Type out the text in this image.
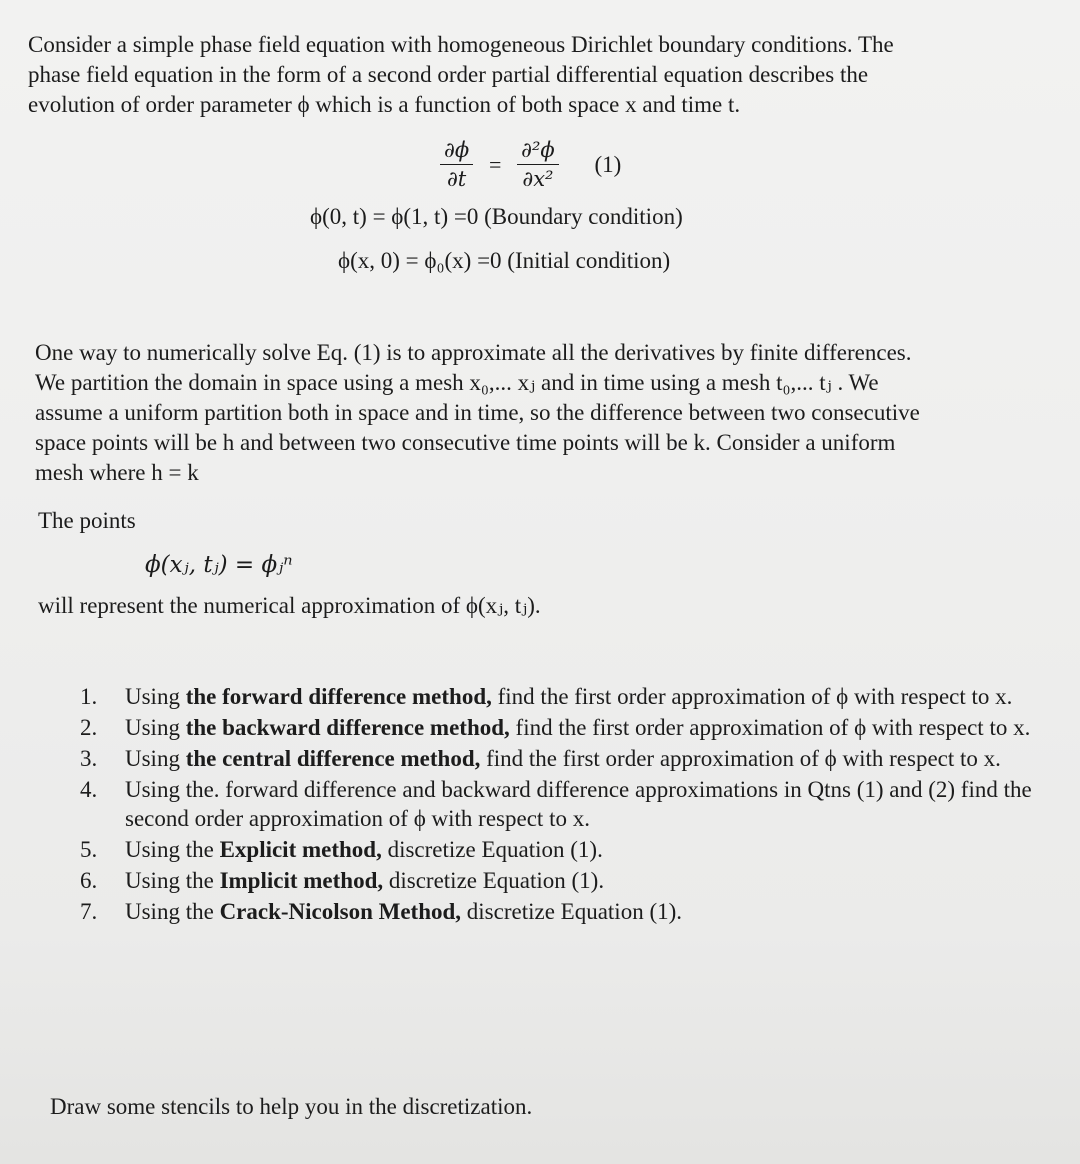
Consider a simple phase field equation with homogeneous Dirichlet boundary conditions. The
phase field equation in the form of a second order partial differential equation describes the
evolution of order parameter ϕ which is a function of both space x and time t.
$\frac{\partial\phi}{\partial t} = \frac{\text{∂²ϕ}}{\text{∂x²}} (1)$
ϕ(0, t) = ϕ(1, t) =0 (Boundary condition)
ϕ(x, 0) = ϕ₀(x) =0 (Initial condition)
One way to numerically solve Eq. (1) is to approximate all the derivatives by finite differences.
We partition the domain in space using a mesh x₀,... xⱼ and in time using a mesh t₀,... tⱼ . We
assume a uniform partition both in space and in time, so the difference between two consecutive
space points will be h and between two consecutive time points will be k. Consider a uniform
mesh where h = k
The points
ϕ(xⱼ, tⱼ) = ϕⱼⁿ
will represent the numerical approximation of ϕ(xⱼ, tⱼ).
1. Using the forward difference method, find the first order approximation of ϕ with respect to x.
2. Using the backward difference method, find the first order approximation of ϕ with respect to x.
3. Using the central difference method, find the first order approximation of ϕ with respect to x.
4. Using the. forward difference and backward difference approximations in Qtns (1) and (2) find the second order approximation of ϕ with respect to x.
5. Using the Explicit method, discretize Equation (1).
6. Using the Implicit method, discretize Equation (1).
7. Using the Crack-Nicolson Method, discretize Equation (1).
Draw some stencils to help you in the discretization.
